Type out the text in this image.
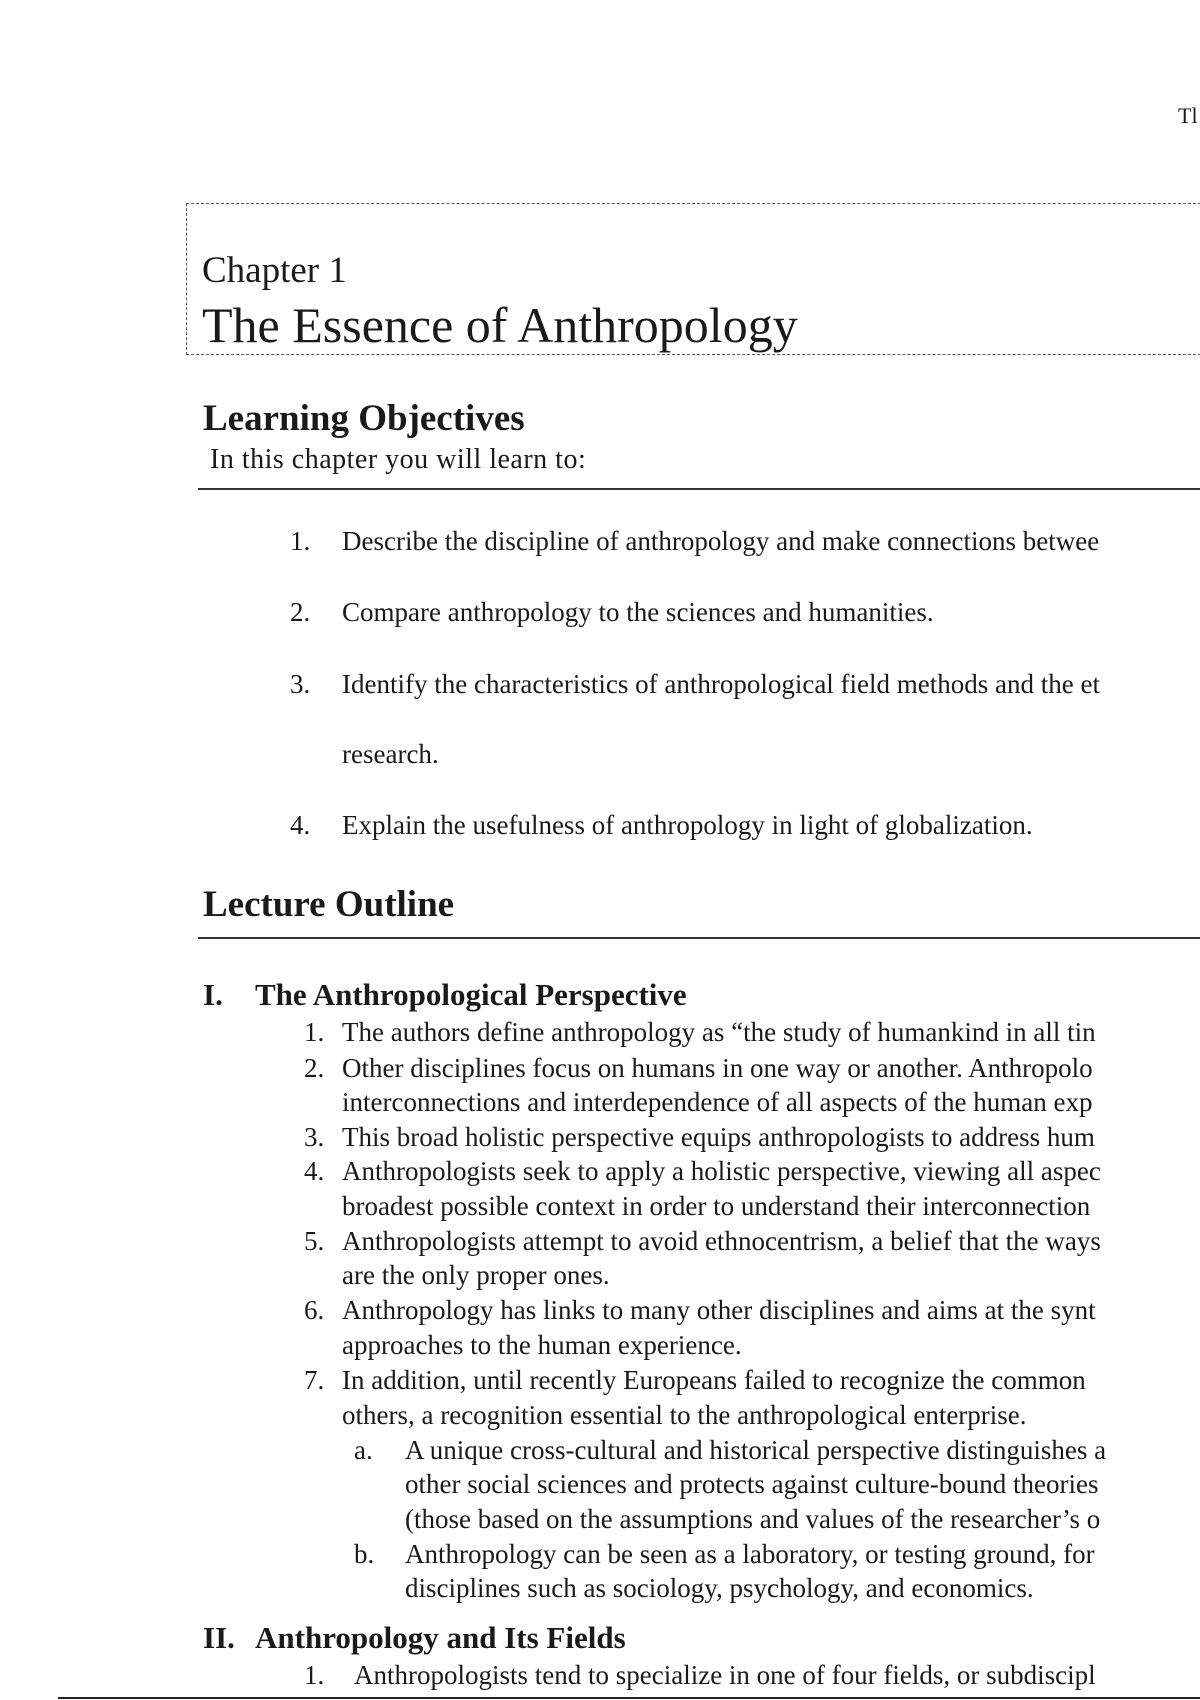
Tl
Chapter 1
The Essence of Anthropology
Learning Objectives
In this chapter you will learn to:
1. Describe the discipline of anthropology and make connections betwee
2. Compare anthropology to the sciences and humanities.
3. Identify the characteristics of anthropological field methods and the et
research.
4. Explain the usefulness of anthropology in light of globalization.
Lecture Outline
I. The Anthropological Perspective
1. The authors define anthropology as “the study of humankind in all tin
2. Other disciplines focus on humans in one way or another. Anthropolo
interconnections and interdependence of all aspects of the human exp
3. This broad holistic perspective equips anthropologists to address hum
4. Anthropologists seek to apply a holistic perspective, viewing all aspec
broadest possible context in order to understand their interconnection
5. Anthropologists attempt to avoid ethnocentrism, a belief that the ways
are the only proper ones.
6. Anthropology has links to many other disciplines and aims at the synt
approaches to the human experience.
7. In addition, until recently Europeans failed to recognize the common
others, a recognition essential to the anthropological enterprise.
a. A unique cross-cultural and historical perspective distinguishes a
other social sciences and protects against culture-bound theories
(those based on the assumptions and values of the researcher’s o
b. Anthropology can be seen as a laboratory, or testing ground, for
disciplines such as sociology, psychology, and economics.
II. Anthropology and Its Fields
1. Anthropologists tend to specialize in one of four fields, or subdiscipl
